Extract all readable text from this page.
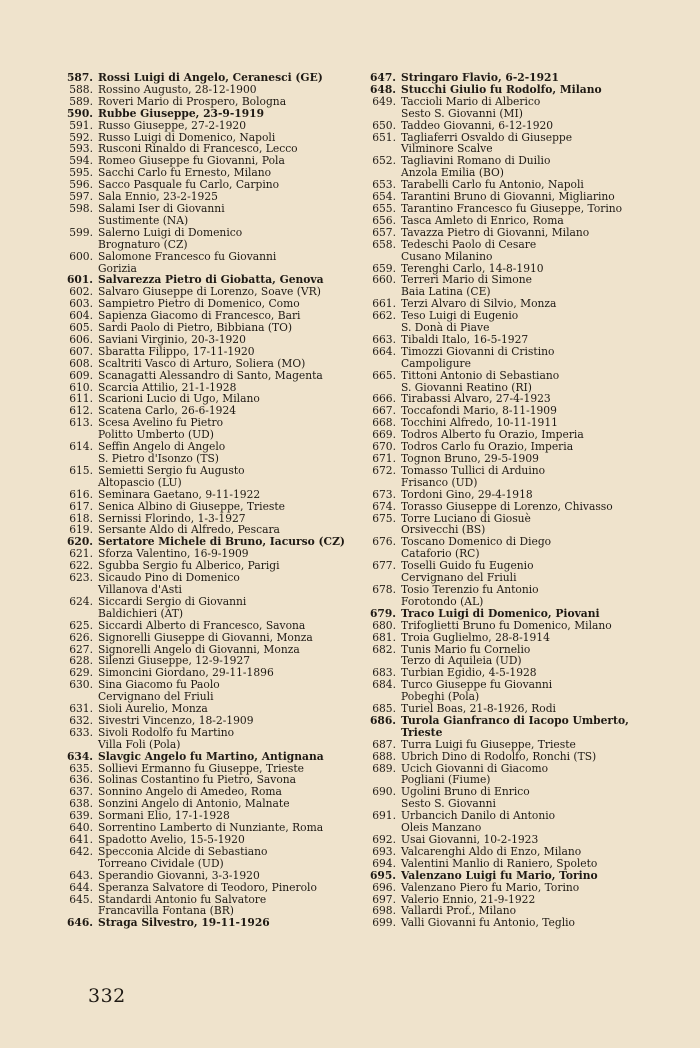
587. Rossi Luigi di Angelo, Ceranesci (GE)
588. Rossino Augusto, 28-12-1900
589. Roveri Mario di Prospero, Bologna
590. Rubbe Giuseppe, 23-9-1919
591. Russo Giuseppe, 27-2-1920
592. Russo Luigi di Domenico, Napoli
593. Rusconi Rinaldo di Francesco, Lecco
594. Romeo Giuseppe fu Giovanni, Pola
595. Sacchi Carlo fu Ernesto, Milano
596. Sacco Pasquale fu Carlo, Carpino
597. Sala Ennio, 23-2-1925
598. Salami Iser di Giovanni
Sustimente (NA)
599. Salerno Luigi di Domenico
Brognaturo (CZ)
600. Salomone Francesco fu Giovanni
Gorizia
601. Salvarezza Pietro di Giobatta, Genova
602. Salvaro Giuseppe di Lorenzo, Soave (VR)
603. Sampietro Pietro di Domenico, Como
604. Sapienza Giacomo di Francesco, Bari
605. Sardi Paolo di Pietro, Bibbiana (TO)
606. Saviani Virginio, 20-3-1920
607. Sbaratta Filippo, 17-11-1920
608. Scaltriti Vasco di Arturo, Soliera (MO)
609. Scanagatti Alessandro di Santo, Magenta
610. Scarcia Attilio, 21-1-1928
611. Scarioni Lucio di Ugo, Milano
612. Scatena Carlo, 26-6-1924
613. Scesa Avelino fu Pietro
Politto Umberto (UD)
614. Seffin Angelo di Angelo
S. Pietro d'Isonzo (TS)
615. Semietti Sergio fu Augusto
Altopascio (LU)
616. Seminara Gaetano, 9-11-1922
617. Senica Albino di Giuseppe, Trieste
618. Sernissi Florindo, 1-3-1927
619. Sersante Aldo di Alfredo, Pescara
620. Sertatore Michele di Bruno, Iacurso (CZ)
621. Sforza Valentino, 16-9-1909
622. Sgubba Sergio fu Alberico, Parigi
623. Sicaudo Pino di Domenico
Villanova d'Asti
624. Siccardi Sergio di Giovanni
Baldichieri (AT)
625. Siccardi Alberto di Francesco, Savona
626. Signorelli Giuseppe di Giovanni, Monza
627. Signorelli Angelo di Giovanni, Monza
628. Silenzi Giuseppe, 12-9-1927
629. Simoncini Giordano, 29-11-1896
630. Sina Giacomo fu Paolo
Cervignano del Friuli
631. Sioli Aurelio, Monza
632. Sivestri Vincenzo, 18-2-1909
633. Sivoli Rodolfo fu Martino
Villa Foli (Pola)
634. Slavgic Angelo fu Martino, Antignana
635. Sollievi Ermanno fu Giuseppe, Trieste
636. Solinas Costantino fu Pietro, Savona
637. Sonnino Angelo di Amedeo, Roma
638. Sonzini Angelo di Antonio, Malnate
639. Sormani Elio, 17-1-1928
640. Sorrentino Lamberto di Nunziante, Roma
641. Spadotto Avelio, 15-5-1920
642. Specconia Alcide di Sebastiano
Torreano Cividale (UD)
643. Sperandio Giovanni, 3-3-1920
644. Speranza Salvatore di Teodoro, Pinerolo
645. Standardi Antonio fu Salvatore
Francavilla Fontana (BR)
646. Straga Silvestro, 19-11-1926
647. Stringaro Flavio, 6-2-1921
648. Stucchi Giulio fu Rodolfo, Milano
649. Taccioli Mario di Alberico
Sesto S. Giovanni (MI)
650. Taddeo Giovanni, 6-12-1920
651. Tagliaferri Osvaldo di Giuseppe
Vilminore Scalve
652. Tagliavini Romano di Duilio
Anzola Emilia (BO)
653. Tarabelli Carlo fu Antonio, Napoli
654. Tarantini Bruno di Giovanni, Migliarino
655. Tarantino Francesco fu Giuseppe, Torino
656. Tasca Amleto di Enrico, Roma
657. Tavazza Pietro di Giovanni, Milano
658. Tedeschi Paolo di Cesare
Cusano Milanino
659. Terenghi Carlo, 14-8-1910
660. Terreri Mario di Simone
Baia Latina (CE)
661. Terzi Alvaro di Silvio, Monza
662. Teso Luigi di Eugenio
S. Donà di Piave
663. Tibaldi Italo, 16-5-1927
664. Timozzi Giovanni di Cristino
Campoligure
665. Tittoni Antonio di Sebastiano
S. Giovanni Reatino (RI)
666. Tirabassi Alvaro, 27-4-1923
667. Toccafondi Mario, 8-11-1909
668. Tocchini Alfredo, 10-11-1911
669. Todros Alberto fu Orazio, Imperia
670. Todros Carlo fu Orazio, Imperia
671. Tognon Bruno, 29-5-1909
672. Tomasso Tullici di Arduino
Frisanco (UD)
673. Tordoni Gino, 29-4-1918
674. Torasso Giuseppe di Lorenzo, Chivasso
675. Torre Luciano di Giosuè
Orsivecchi (BS)
676. Toscano Domenico di Diego
Cataforio (RC)
677. Toselli Guido fu Eugenio
Cervignano del Friuli
678. Tosio Terenzio fu Antonio
Forotondo (AL)
679. Traco Luigi di Domenico, Piovani
680. Trifoglietti Bruno fu Domenico, Milano
681. Troia Guglielmo, 28-8-1914
682. Tunis Mario fu Cornelio
Terzo di Aquileia (UD)
683. Turbian Egidio, 4-5-1928
684. Turco Giuseppe fu Giovanni
Pobeghi (Pola)
685. Turiel Boas, 21-8-1926, Rodi
686. Turola Gianfranco di Iacopo Umberto,
Trieste
687. Turra Luigi fu Giuseppe, Trieste
688. Ubrich Dino di Rodolfo, Ronchi (TS)
689. Ucich Giovanni di Giacomo
Pogliani (Fiume)
690. Ugolini Bruno di Enrico
Sesto S. Giovanni
691. Urbancich Danilo di Antonio
Oleis Manzano
692. Usai Giovanni, 10-2-1923
693. Valcarenghi Aldo di Enzo, Milano
694. Valentini Manlio di Raniero, Spoleto
695. Valenzano Luigi fu Mario, Torino
696. Valenzano Piero fu Mario, Torino
697. Valerio Ennio, 21-9-1922
698. Vallardi Prof., Milano
699. Valli Giovanni fu Antonio, Teglio
332
